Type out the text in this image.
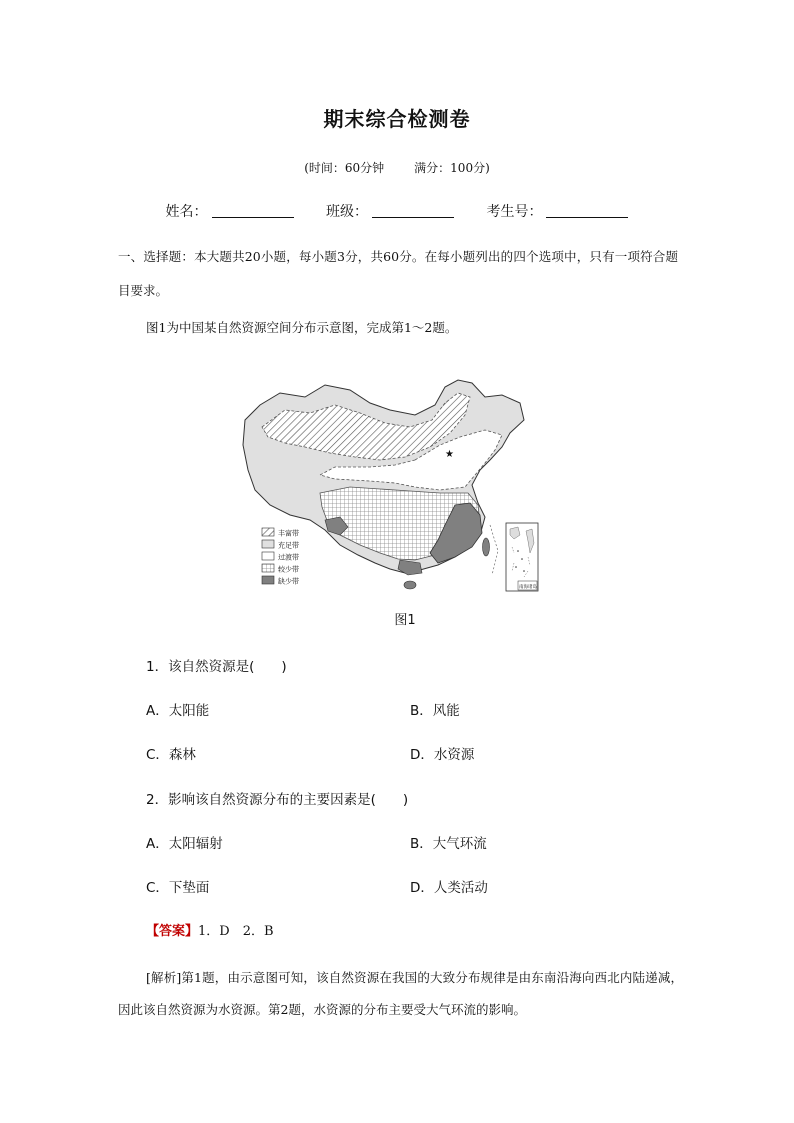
期末综合检测卷
(时间：60分钟	满分：100分)
姓名：	班级：	考生号：
一、选择题：本大题共20小题，每小题3分，共60分。在每小题列出的四个选项中，只有一项符合题目要求。
图1为中国某自然资源空间分布示意图，完成第1～2题。
★
丰富带
充足带
过渡带
较少带
缺少带
南海诸岛
图1
1．该自然资源是(　　)
A．太阳能	B．风能
C．森林	D．水资源
2．影响该自然资源分布的主要因素是(　　)
A．太阳辐射	B．大气环流
C．下垫面	D．人类活动
【答案】1．D　2．B
[解析]第1题，由示意图可知，该自然资源在我国的大致分布规律是由东南沿海向西北内陆递减，因此该自然资源为水资源。第2题，水资源的分布主要受大气环流的影响。
